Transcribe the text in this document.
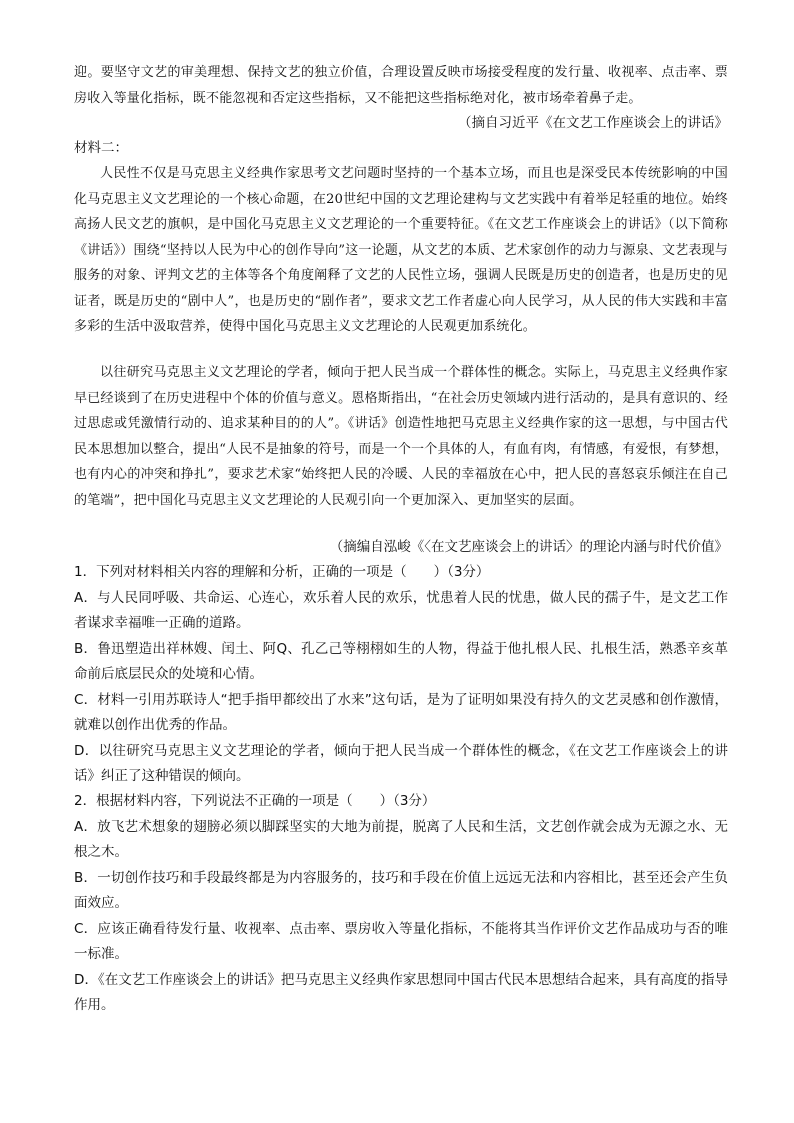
迎。要坚守文艺的审美理想、保持文艺的独立价值，合理设置反映市场接受程度的发行量、收视率、点击率、票房收入等量化指标，既不能忽视和否定这些指标，又不能把这些指标绝对化，被市场牵着鼻子走。

（摘自习近平《在文艺工作座谈会上的讲话》

材料二：

人民性不仅是马克思主义经典作家思考文艺问题时坚持的一个基本立场，而且也是深受民本传统影响的中国化马克思主义文艺理论的一个核心命题，在20世纪中国的文艺理论建构与文艺实践中有着举足轻重的地位。始终高扬人民文艺的旗帜，是中国化马克思主义文艺理论的一个重要特征。《在文艺工作座谈会上的讲话》（以下简称《讲话》）围绕“坚持以人民为中心的创作导向”这一论题，从文艺的本质、艺术家创作的动力与源泉、文艺表现与服务的对象、评判文艺的主体等各个角度阐释了文艺的人民性立场，强调人民既是历史的创造者，也是历史的见证者，既是历史的“剧中人”，也是历史的“剧作者”，要求文艺工作者虚心向人民学习，从人民的伟大实践和丰富多彩的生活中汲取营养，使得中国化马克思主义文艺理论的人民观更加系统化。

以往研究马克思主义文艺理论的学者，倾向于把人民当成一个群体性的概念。实际上，马克思主义经典作家早已经谈到了在历史进程中个体的价值与意义。恩格斯指出，“在社会历史领域内进行活动的，是具有意识的、经过思虑或凭激情行动的、追求某种目的的人”。《讲话》创造性地把马克思主义经典作家的这一思想，与中国古代民本思想加以整合，提出“人民不是抽象的符号，而是一个一个具体的人，有血有肉，有情感，有爱恨，有梦想，也有内心的冲突和挣扎”，要求艺术家“始终把人民的冷暖、人民的幸福放在心中，把人民的喜怒哀乐倾注在自己的笔端”，把中国化马克思主义文艺理论的人民观引向一个更加深入、更加坚实的层面。

（摘编自泓峻《〈在文艺座谈会上的讲话〉的理论内涵与时代价值》

1．下列对材料相关内容的理解和分析，正确的一项是（　　）（3分）

A．与人民同呼吸、共命运、心连心，欢乐着人民的欢乐，忧患着人民的忧患，做人民的孺子牛，是文艺工作者谋求幸福唯一正确的道路。

B．鲁迅塑造出祥林嫂、闰土、阿Q、孔乙己等栩栩如生的人物，得益于他扎根人民、扎根生活，熟悉辛亥革命前后底层民众的处境和心情。

C．材料一引用苏联诗人“把手指甲都绞出了水来”这句话，是为了证明如果没有持久的文艺灵感和创作激情，就难以创作出优秀的作品。

D．以往研究马克思主义文艺理论的学者，倾向于把人民当成一个群体性的概念，《在文艺工作座谈会上的讲话》纠正了这种错误的倾向。

2．根据材料内容，下列说法不正确的一项是（　　）（3分）

A．放飞艺术想象的翅膀必须以脚踩坚实的大地为前提，脱离了人民和生活，文艺创作就会成为无源之水、无根之木。

B．一切创作技巧和手段最终都是为内容服务的，技巧和手段在价值上远远无法和内容相比，甚至还会产生负面效应。

C．应该正确看待发行量、收视率、点击率、票房收入等量化指标，不能将其当作评价文艺作品成功与否的唯一标准。

D．《在文艺工作座谈会上的讲话》把马克思主义经典作家思想同中国古代民本思想结合起来，具有高度的指导作用。
